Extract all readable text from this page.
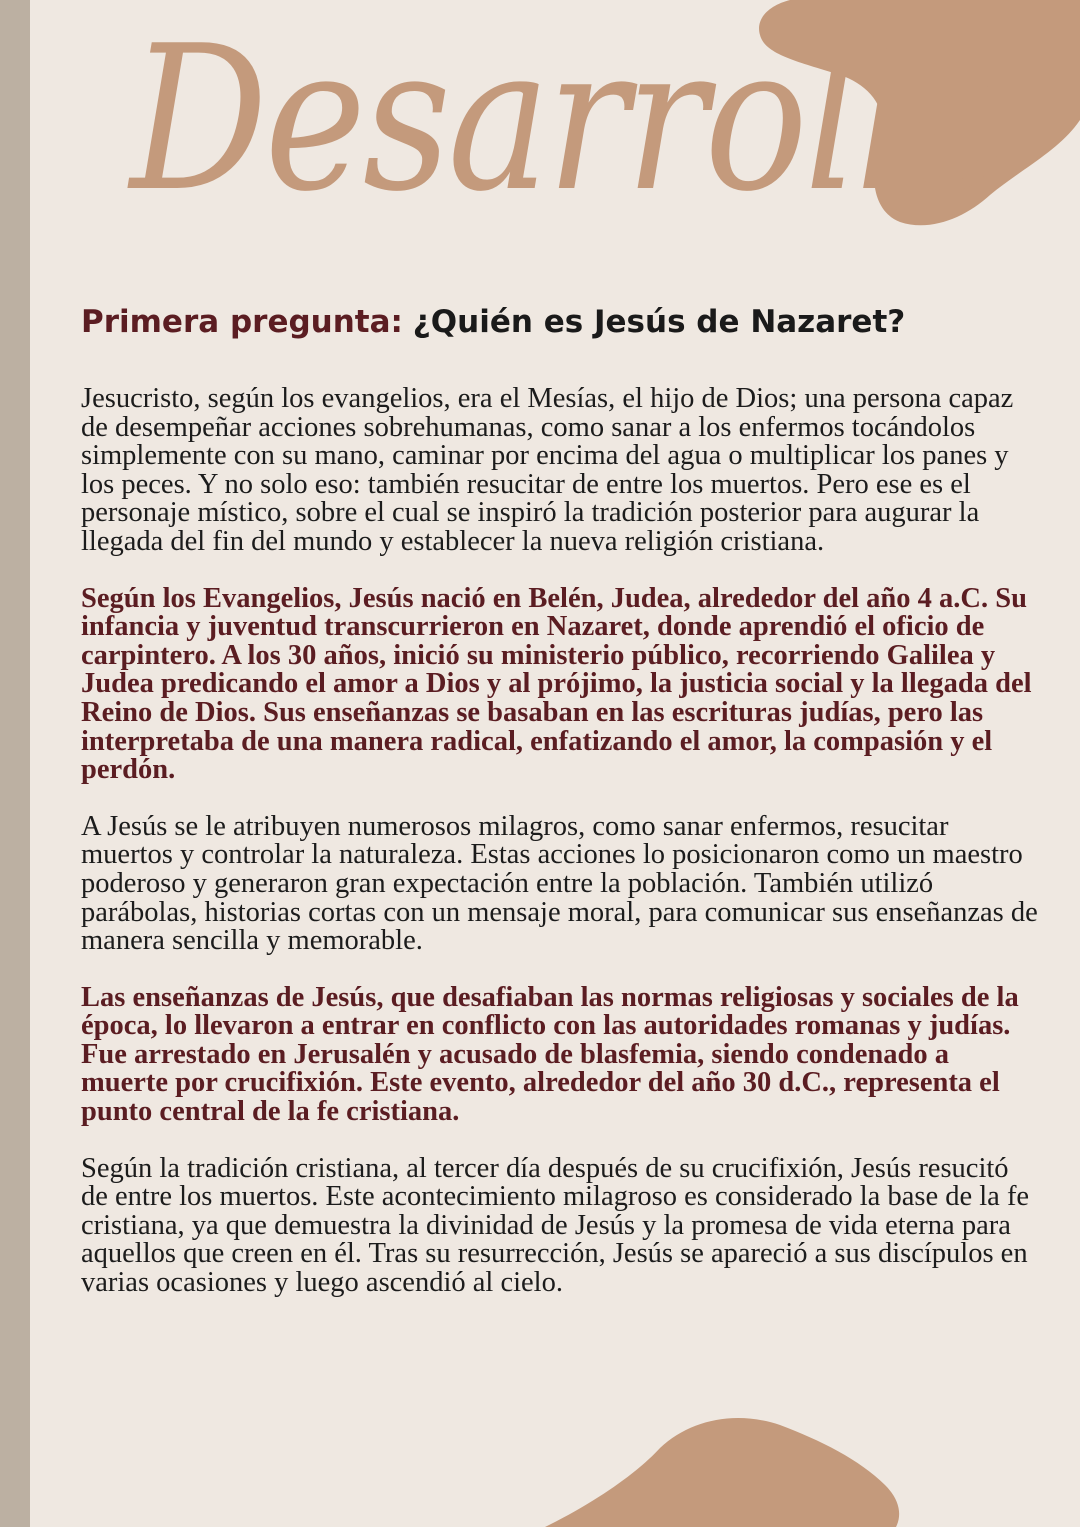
Desarrollo
Primera pregunta: ¿Quién es Jesús de Nazaret?

Jesucristo, según los evangelios, era el Mesías, el hijo de Dios; una persona capaz de desempeñar acciones sobrehumanas, como sanar a los enfermos tocándolos simplemente con su mano, caminar por encima del agua o multiplicar los panes y los peces. Y no solo eso: también resucitar de entre los muertos. Pero ese es el personaje místico, sobre el cual se inspiró la tradición posterior para augurar la llegada del fin del mundo y establecer la nueva religión cristiana.

Según los Evangelios, Jesús nació en Belén, Judea, alrededor del año 4 a.C. Su infancia y juventud transcurrieron en Nazaret, donde aprendió el oficio de carpintero. A los 30 años, inició su ministerio público, recorriendo Galilea y Judea predicando el amor a Dios y al prójimo, la justicia social y la llegada del Reino de Dios. Sus enseñanzas se basaban en las escrituras judías, pero las interpretaba de una manera radical, enfatizando el amor, la compasión y el perdón.

A Jesús se le atribuyen numerosos milagros, como sanar enfermos, resucitar muertos y controlar la naturaleza. Estas acciones lo posicionaron como un maestro poderoso y generaron gran expectación entre la población. También utilizó parábolas, historias cortas con un mensaje moral, para comunicar sus enseñanzas de manera sencilla y memorable.

Las enseñanzas de Jesús, que desafiaban las normas religiosas y sociales de la época, lo llevaron a entrar en conflicto con las autoridades romanas y judías. Fue arrestado en Jerusalén y acusado de blasfemia, siendo condenado a muerte por crucifixión. Este evento, alrededor del año 30 d.C., representa el punto central de la fe cristiana.

Según la tradición cristiana, al tercer día después de su crucifixión, Jesús resucitó de entre los muertos. Este acontecimiento milagroso es considerado la base de la fe cristiana, ya que demuestra la divinidad de Jesús y la promesa de vida eterna para aquellos que creen en él. Tras su resurrección, Jesús se apareció a sus discípulos en varias ocasiones y luego ascendió al cielo.
